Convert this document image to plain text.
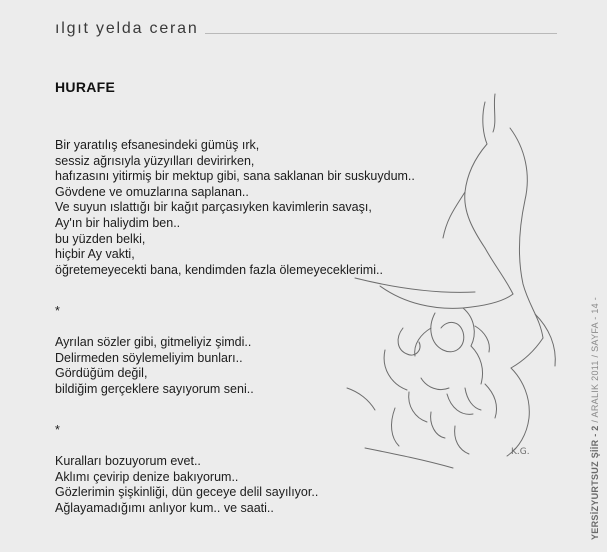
ılgıt yelda ceran
HURAFE
Bir yaratılış efsanesindeki gümüş ırk,
sessiz ağrısıyla yüzyılları devirirken,
hafızasını yitirmiş bir mektup gibi, sana saklanan bir suskuydum..
Gövdene ve omuzlarına saplanan..
Ve suyun ıslattığı bir kağıt parçasıyken kavimlerin savaşı,
Ay'ın bir haliydim ben..
bu yüzden belki,
hiçbir Ay vakti,
öğretemeyecekti bana, kendimden fazla ölemeyeceklerimi..
*
Ayrılan sözler gibi, gitmeliyiz şimdi..
Delirmeden söylemeliyim bunları..
Gördüğüm değil,
bildiğim gerçeklere sayıyorum seni..
*
Kuralları bozuyorum evet..
Aklımı çevirip denize bakıyorum..
Gözlerimin şişkinliği, dün geceye delil sayılıyor..
Ağlayamadığımı anlıyor kum.. ve saati..
K.G.	YERSİZYURTSUZ ŞİİR - 2 / ARALIK 2011 / SAYFA - 14 -
